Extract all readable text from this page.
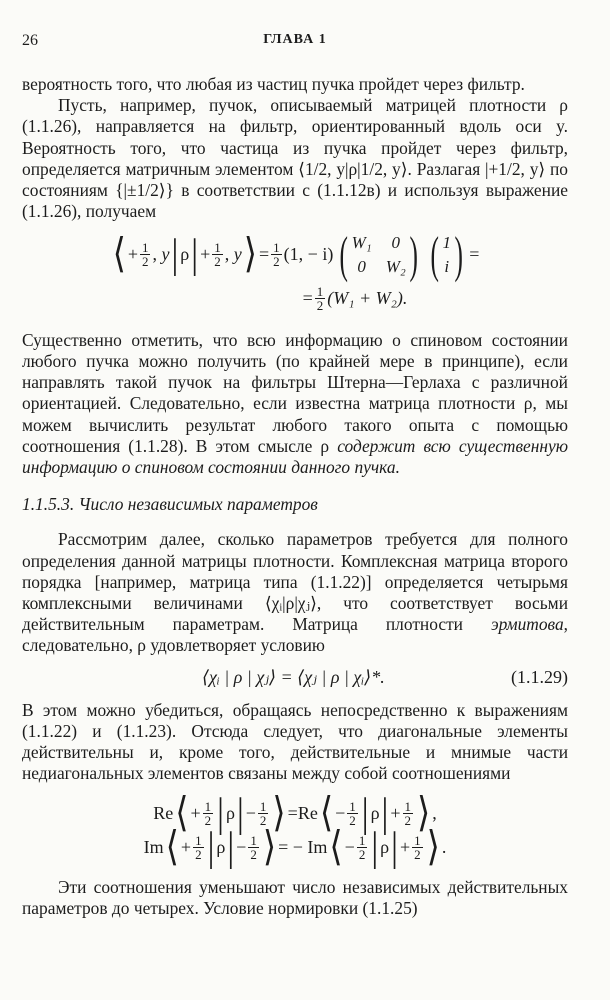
26	ГЛАВА 1

вероятность того, что любая из частиц пучка пройдет через фильтр.

Пусть, например, пучок, описываемый матрицей плотности ρ (1.1.26), направляется на фильтр, ориентированный вдоль оси y. Вероятность того, что частица из пучка пройдет через фильтр, определяется матричным элементом ⟨1/2, y|ρ|1/2, y⟩. Разлагая |+1/2, y⟩ по состояниям {|±1/2⟩} в соответствии с (1.1.12в) и используя выражение (1.1.26), получаем

⟨ + $\frac{1}{2}$ , y | ρ | + $\frac{1}{2}$ , y ⟩ = $\frac{1}{2} (1$, − i) ( W₁	0
0	W₂ ) ( 1
i ) =
= $\frac{1}{2} (W_1 + W_2)$.

Существенно отметить, что всю информацию о спиновом состоянии любого пучка можно получить (по крайней мере в принципе), если направлять такой пучок на фильтры Штерна—Герлаха с различной ориентацией. Следовательно, если известна матрица плотности ρ, мы можем вычислить результат любого такого опыта с помощью соотношения (1.1.28). В этом смысле ρ содержит всю существенную информацию о спиновом состоянии данного пучка.

1.1.5.3. Число независимых параметров

Рассмотрим далее, сколько параметров требуется для полного определения данной матрицы плотности. Комплексная матрица второго порядка [например, матрица типа (1.1.22)] определяется четырьмя комплексными величинами ⟨χᵢ|ρ|χⱼ⟩, что соответствует восьми действительным параметрам. Матрица плотности эрмитова, следовательно, ρ удовлетворяет условию

⟨χᵢ | ρ | χⱼ⟩ = ⟨χⱼ | ρ | χᵢ⟩*.	(1.1.29)

В этом можно убедиться, обращаясь непосредственно к выражениям (1.1.22) и (1.1.23). Отсюда следует, что диагональные элементы действительны и, кроме того, действительные и мнимые части недиагональных элементов связаны между собой соотношениями

Re ⟨ + $\frac{1}{2}$ | ρ | − $\frac{1}{2}$ ⟩ = Re ⟨ − $\frac{1}{2}$ | ρ | + $\frac{1}{2}$ ⟩ ,
Im ⟨ + $\frac{1}{2}$ | ρ | − $\frac{1}{2}$ ⟩ = − Im ⟨ − $\frac{1}{2}$ | ρ | + $\frac{1}{2}$ ⟩ .

Эти соотношения уменьшают число независимых действительных параметров до четырех. Условие нормировки (1.1.25)
